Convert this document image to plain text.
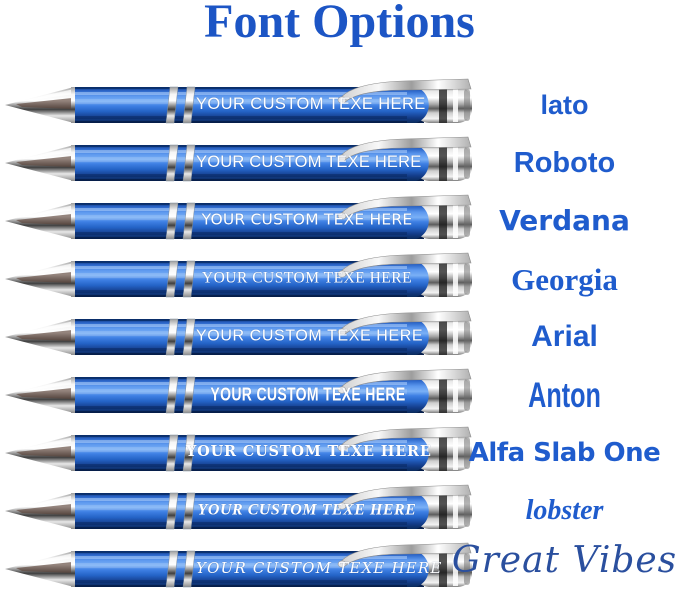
Font Options
YOUR CUSTOM TEXE HERE	lato
YOUR CUSTOM TEXE HERE	Roboto
YOUR CUSTOM TEXE HERE	Verdana
YOUR CUSTOM TEXE HERE	Georgia
YOUR CUSTOM TEXE HERE	Arial
YOUR CUSTOM TEXE HERE	Anton
YOUR CUSTOM TEXE HERE Alfa Slab One
YOUR CUSTOM TEXE HERE	lobster
YOUR CUSTOM TEXE HERE Great Vibes
